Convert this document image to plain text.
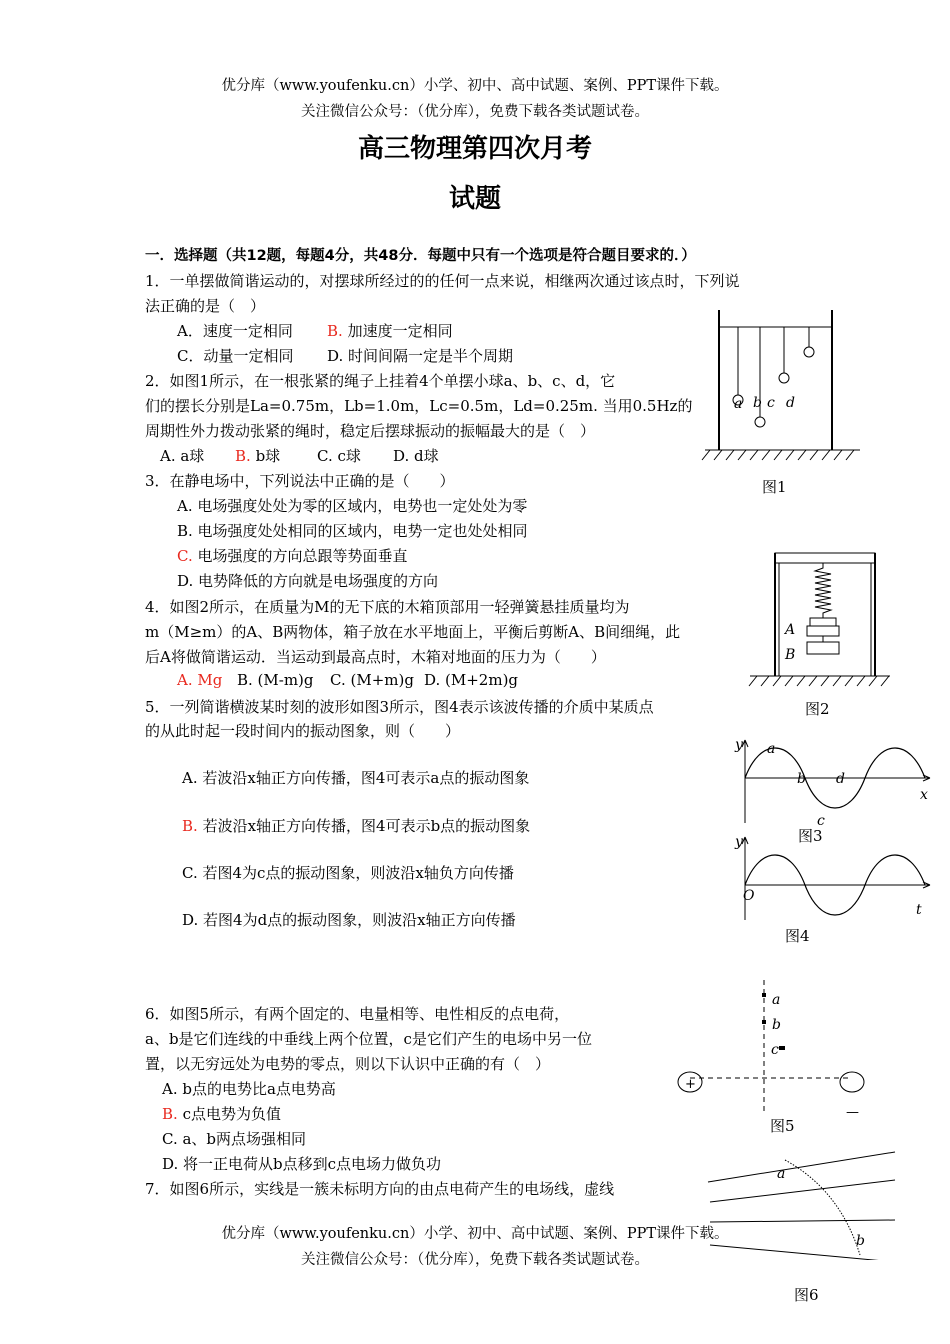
优分库（www.youfenku.cn）小学、初中、高中试题、案例、PPT课件下载。
关注微信公众号：（优分库），免费下载各类试题试卷。
高三物理第四次月考
试题
一．选择题（共12题，每题4分，共48分．每题中只有一个选项是符合题目要求的．）
1．一单摆做简谐运动的，对摆球所经过的的任何一点来说，相继两次通过该点时，下列说
法正确的是（　）
A．速度一定相同 B. 加速度一定相同
C．动量一定相同 D. 时间间隔一定是半个周期
2．如图1所示，在一根张紧的绳子上挂着4个单摆小球a、b、c、d，它
们的摆长分别是La=0.75m，Lb=1.0m，Lc=0.5m，Ld=0.25m. 当用0.5Hz的
周期性外力拨动张紧的绳时，稳定后摆球振动的振幅最大的是（　）
A. a球 B. b球 C. c球 D. d球
3．在静电场中，下列说法中正确的是（　　）
A. 电场强度处处为零的区域内，电势也一定处处为零
B. 电场强度处处相同的区域内，电势一定也处处相同
C. 电场强度的方向总跟等势面垂直
D. 电势降低的方向就是电场强度的方向
4．如图2所示，在质量为M的无下底的木箱顶部用一轻弹簧悬挂质量均为
m（M≥m）的A、B两物体，箱子放在水平地面上，平衡后剪断A、B间细绳，此
后A将做简谐运动．当运动到最高点时，木箱对地面的压力为（　　）
A. Mg B. (M-m)g C. (M+m)g D. (M+2m)g
5．一列简谐横波某时刻的波形如图3所示，图4表示该波传播的介质中某质点
的从此时起一段时间内的振动图象，则（　　）
A. 若波沿x轴正方向传播，图4可表示a点的振动图象
B. 若波沿x轴正方向传播，图4可表示b点的振动图象
C. 若图4为c点的振动图象，则波沿x轴负方向传播
D. 若图4为d点的振动图象，则波沿x轴正方向传播
6．如图5所示，有两个固定的、电量相等、电性相反的点电荷，
a、b是它们连线的中垂线上两个位置，c是它们产生的电场中另一位
置，以无穷远处为电势的零点，则以下认识中正确的有（　）
A. b点的电势比a点电势高
B. c点电势为负值
C. a、b两点场强相同
D. 将一正电荷从b点移到c点电场力做负功
7．如图6所示，实线是一簇未标明方向的由点电荷产生的电场线，虚线
优分库（www.youfenku.cn）小学、初中、高中试题、案例、PPT课件下载。
关注微信公众号：（优分库），免费下载各类试题试卷。
a b c d
图1
A
B
图2
y
x
a
b
c
d
图3
y
t
O
图4
a
b
c
+
—
图5
a
b
图6
